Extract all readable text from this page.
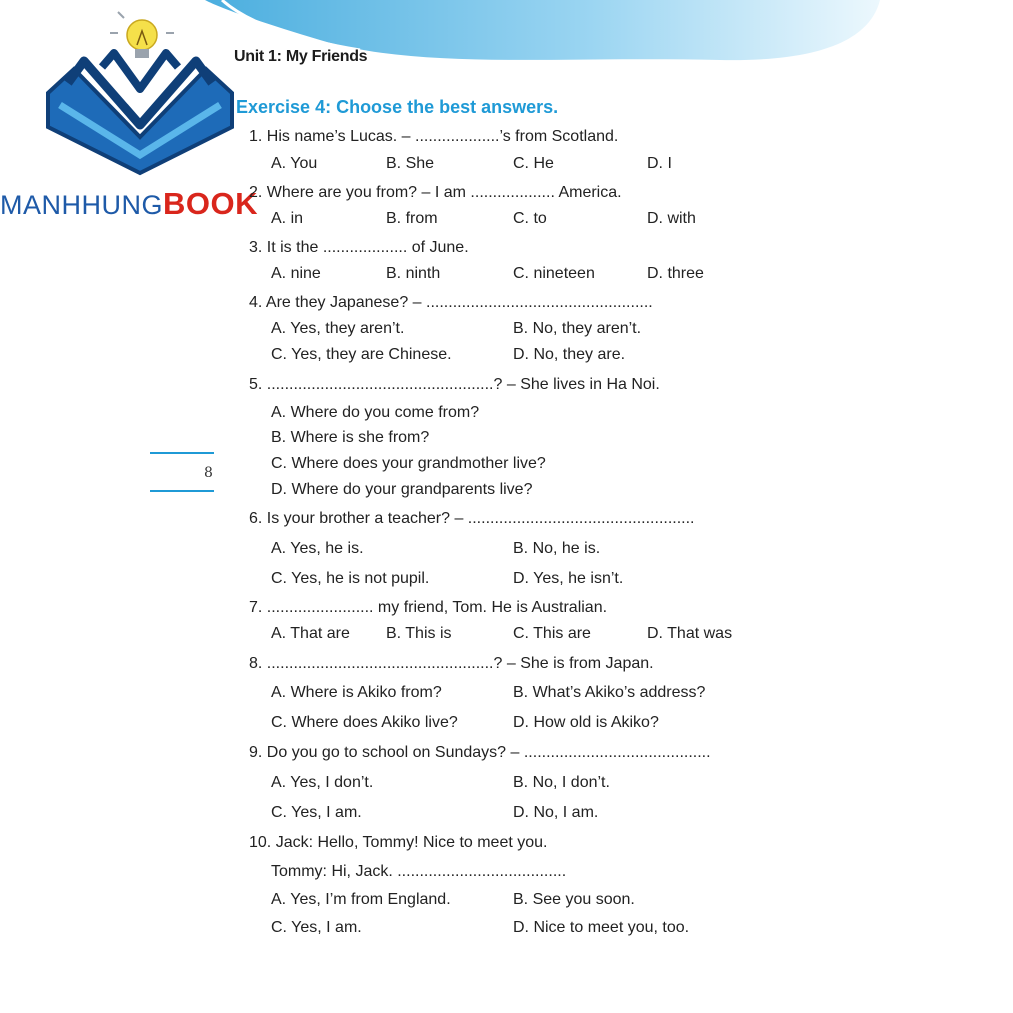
MANHHUNGBOOK
Unit 1: My Friends
Exercise 4: Choose the best answers.
8
1. His name’s Lucas. – ...................’s from Scotland.
A. You	B. She	C. He	D. I
2. Where are you from? – I am ................... America.
A. in	B. from	C. to	D. with
3. It is the ................... of June.
A. nine	B. ninth	C. nineteen	D. three
4. Are they Japanese? – ...................................................
A. Yes, they aren’t.	B. No, they aren’t.
C. Yes, they are Chinese.	D. No, they are.
5. ...................................................? – She lives in Ha Noi.
A. Where do you come from?
B. Where is she from?
C. Where does your grandmother live?
D. Where do your grandparents live?
6. Is your brother a teacher? – ...................................................
A. Yes, he is.	B. No, he is.
C. Yes, he is not pupil.	D. Yes, he isn’t.
7. ........................ my friend, Tom. He is Australian.
A. That are B. This is	C. This are	D. That was
8. ...................................................? – She is from Japan.
A. Where is Akiko from?	B. What’s Akiko’s address?
C. Where does Akiko live?	D. How old is Akiko?
9. Do you go to school on Sundays? – ..........................................
A. Yes, I don’t.	B. No, I don’t.
C. Yes, I am.	D. No, I am.
10. Jack: Hello, Tommy! Nice to meet you.
Tommy: Hi, Jack. ......................................
A. Yes, I’m from England.	B. See you soon.
C. Yes, I am.	D. Nice to meet you, too.
